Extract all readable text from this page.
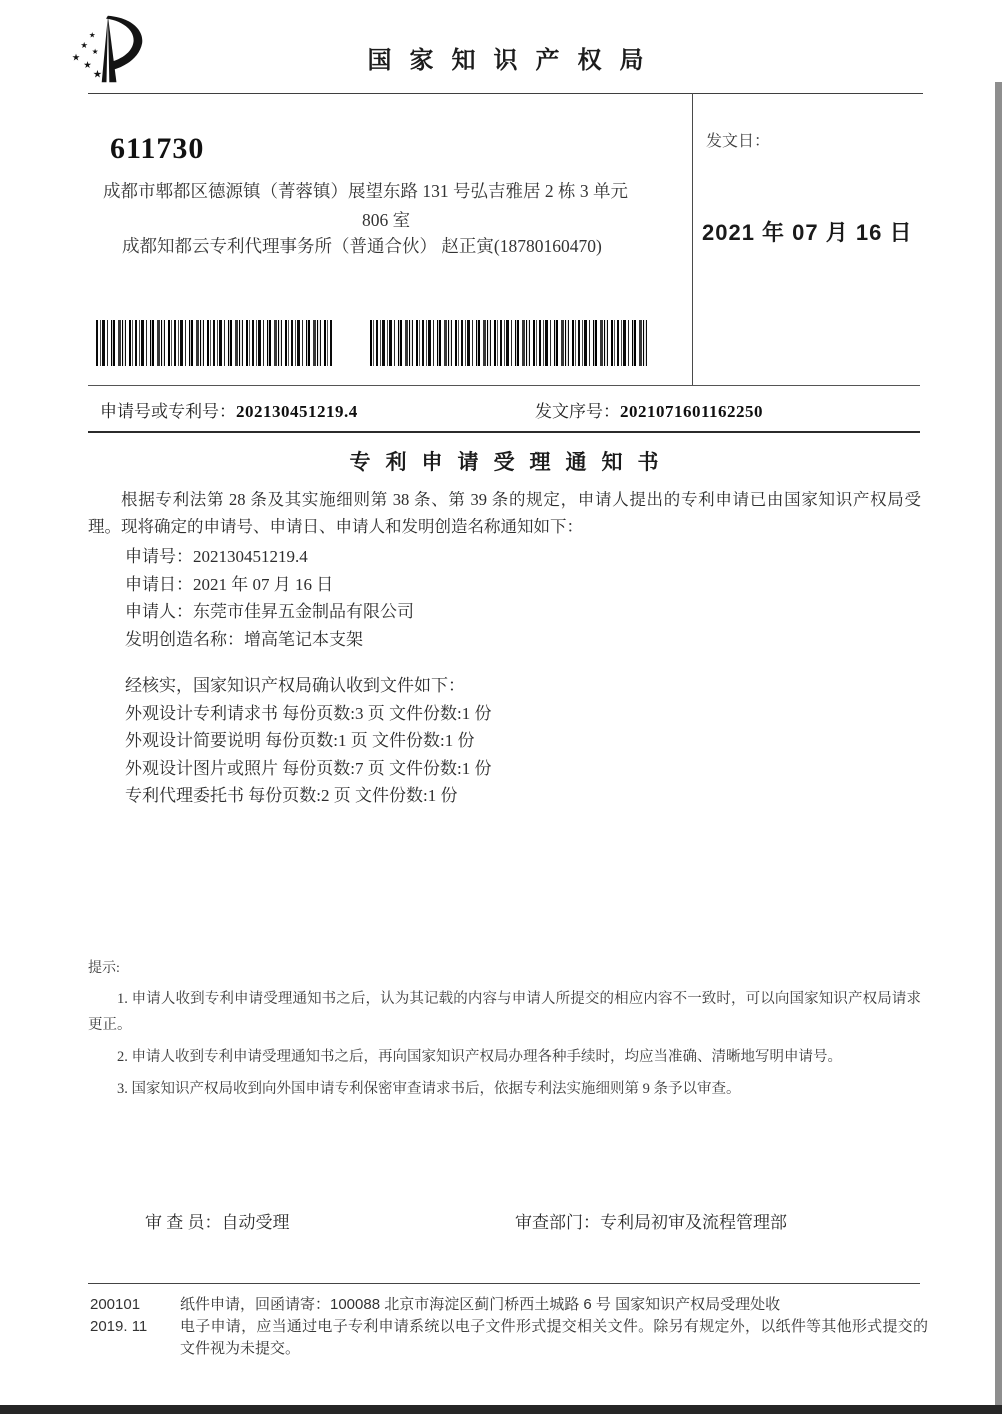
★
★
★
★
★
★
国家知识产权局
611730
成都市郫都区德源镇（菁蓉镇）展望东路 131 号弘吉雅居 2 栋 3 单元
806 室
成都知都云专利代理事务所（普通合伙） 赵正寅(18780160470)
发文日：
2021 年 07 月 16 日
申请号或专利号：202130451219.4	发文序号：2021071601162250
专利申请受理通知书
根据专利法第 28 条及其实施细则第 38 条、第 39 条的规定，申请人提出的专利申请已由国家知识产权局受理。现将确定的申请号、申请日、申请人和发明创造名称通知如下：
申请号：202130451219.4
申请日：2021 年 07 月 16 日
申请人：东莞市佳昇五金制品有限公司
发明创造名称：增高笔记本支架
经核实，国家知识产权局确认收到文件如下：
外观设计专利请求书 每份页数:3 页 文件份数:1 份
外观设计简要说明 每份页数:1 页 文件份数:1 份
外观设计图片或照片 每份页数:7 页 文件份数:1 份
专利代理委托书 每份页数:2 页 文件份数:1 份
提示:
1. 申请人收到专利申请受理通知书之后，认为其记载的内容与申请人所提交的相应内容不一致时，可以向国家知识产权局请求更正。
2. 申请人收到专利申请受理通知书之后，再向国家知识产权局办理各种手续时，均应当准确、清晰地写明申请号。
3. 国家知识产权局收到向外国申请专利保密审查请求书后，依据专利法实施细则第 9 条予以审查。
审 查 员：自动受理	审查部门：专利局初审及流程管理部
200101
2019. 11
纸件申请，回函请寄：100088 北京市海淀区蓟门桥西土城路 6 号 国家知识产权局受理处收
电子申请，应当通过电子专利申请系统以电子文件形式提交相关文件。除另有规定外，以纸件等其他形式提交的文件视为未提交。
